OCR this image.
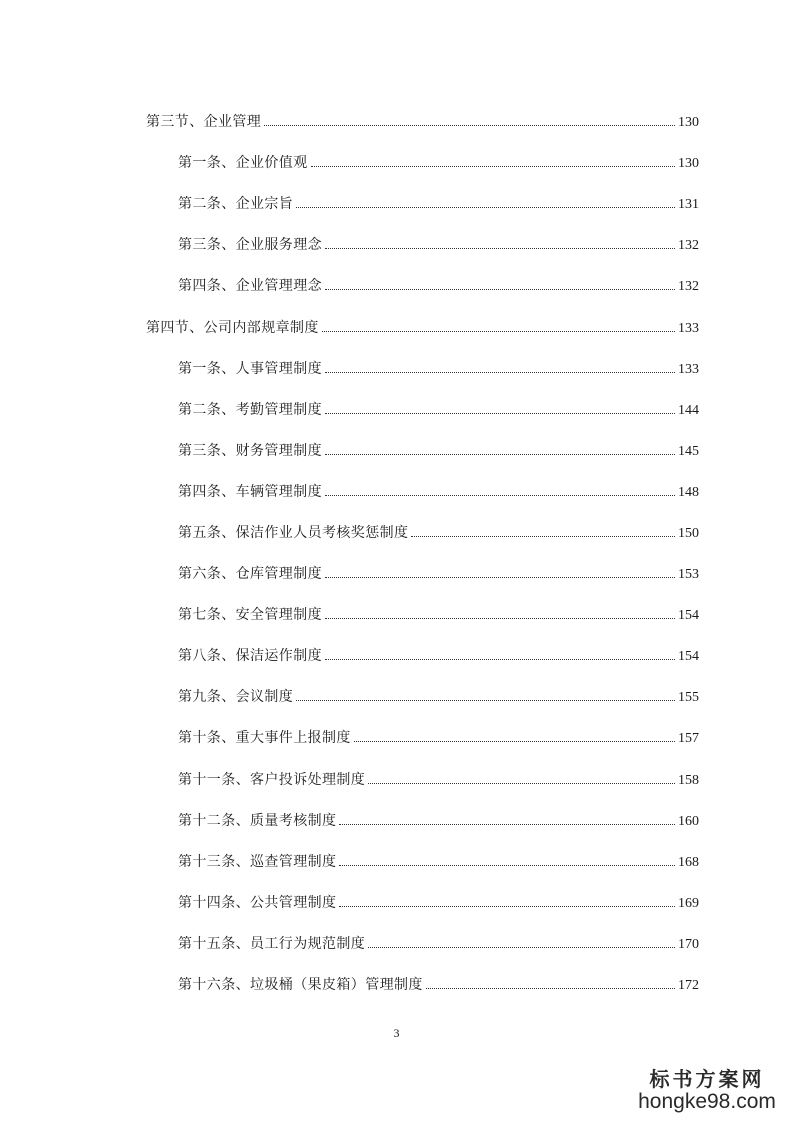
第三节、企业管理	130
第一条、企业价值观	130
第二条、企业宗旨	131
第三条、企业服务理念	132
第四条、企业管理理念	132
第四节、公司内部规章制度	133
第一条、人事管理制度	133
第二条、考勤管理制度	144
第三条、财务管理制度	145
第四条、车辆管理制度	148
第五条、保洁作业人员考核奖惩制度	150
第六条、仓库管理制度	153
第七条、安全管理制度	154
第八条、保洁运作制度	154
第九条、会议制度	155
第十条、重大事件上报制度	157
第十一条、客户投诉处理制度	158
第十二条、质量考核制度	160
第十三条、巡查管理制度	168
第十四条、公共管理制度	169
第十五条、员工行为规范制度	170
第十六条、垃圾桶（果皮箱）管理制度	172
3
标书方案网
hongke98.com
